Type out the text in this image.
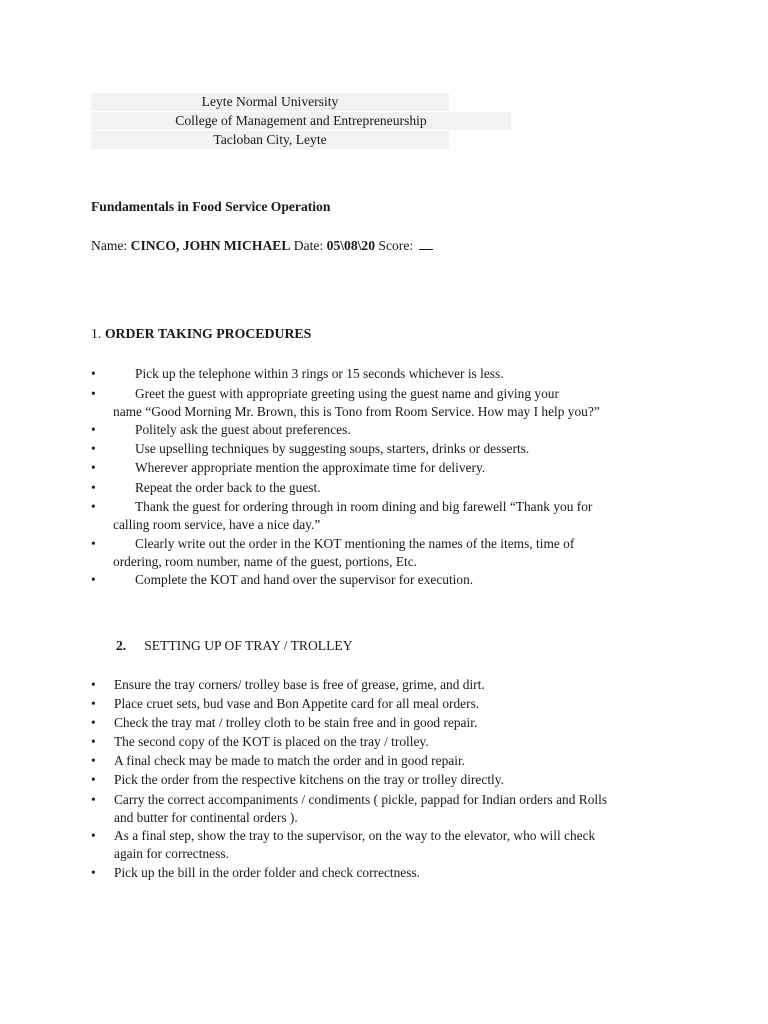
Leyte Normal University
College of Management and Entrepreneurship
Tacloban City, Leyte
Fundamentals in Food Service Operation
Name: CINCO, JOHN MICHAEL Date: 05\08\20 Score:
1. ORDER TAKING PROCEDURES
•	Pick up the telephone within 3 rings or 15 seconds whichever is less.
•	Greet the guest with appropriate greeting using the guest name and giving your
name “Good Morning Mr. Brown, this is Tono from Room Service. How may I help you?”
•	Politely ask the guest about preferences.
•	Use upselling techniques by suggesting soups, starters, drinks or desserts.
•	Wherever appropriate mention the approximate time for delivery.
•	Repeat the order back to the guest.
•	Thank the guest for ordering through in room dining and big farewell “Thank you for
calling room service, have a nice day.”
•	Clearly write out the order in the KOT mentioning the names of the items, time of
ordering, room number, name of the guest, portions, Etc.
•	Complete the KOT and hand over the supervisor for execution.
2. SETTING UP OF TRAY / TROLLEY
• Ensure the tray corners/ trolley base is free of grease, grime, and dirt.
• Place cruet sets, bud vase and Bon Appetite card for all meal orders.
• Check the tray mat / trolley cloth to be stain free and in good repair.
• The second copy of the KOT is placed on the tray / trolley.
• A final check may be made to match the order and in good repair.
• Pick the order from the respective kitchens on the tray or trolley directly.
• Carry the correct accompaniments / condiments ( pickle, pappad for Indian orders and Rolls
and butter for continental orders ).
• As a final step, show the tray to the supervisor, on the way to the elevator, who will check
again for correctness.
• Pick up the bill in the order folder and check correctness.
